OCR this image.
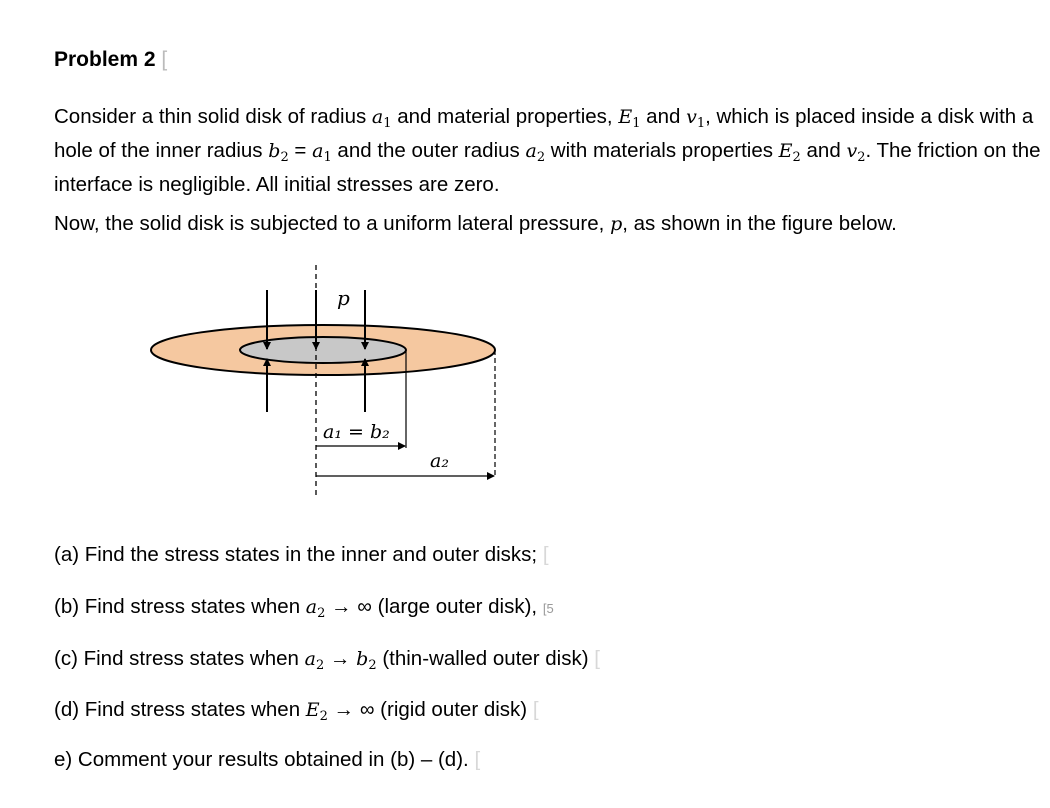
Problem 2 [
Consider a thin solid disk of radius $a_1$ and material properties, $E_1$ and $v_1$, which is placed inside a disk with a
hole of the inner radius $b_2 = a_1$ and the outer radius $a_2$ with materials properties $E_2$ and $v_2$. The friction on the
interface is negligible. All initial stresses are zero.
Now, the solid disk is subjected to a uniform lateral pressure, p, as shown in the figure below.
p
a₁ = b₂
a₂
(a) Find the stress states in the inner and outer disks; [
(b) Find stress states when $a_2$ → ∞ (large outer disk), [5
(c) Find stress states when $a_2 \to b_2$ (thin-walled outer disk) [
(d) Find stress states when $E_2$ → ∞ (rigid outer disk) [
e) Comment your results obtained in (b) – (d). [
